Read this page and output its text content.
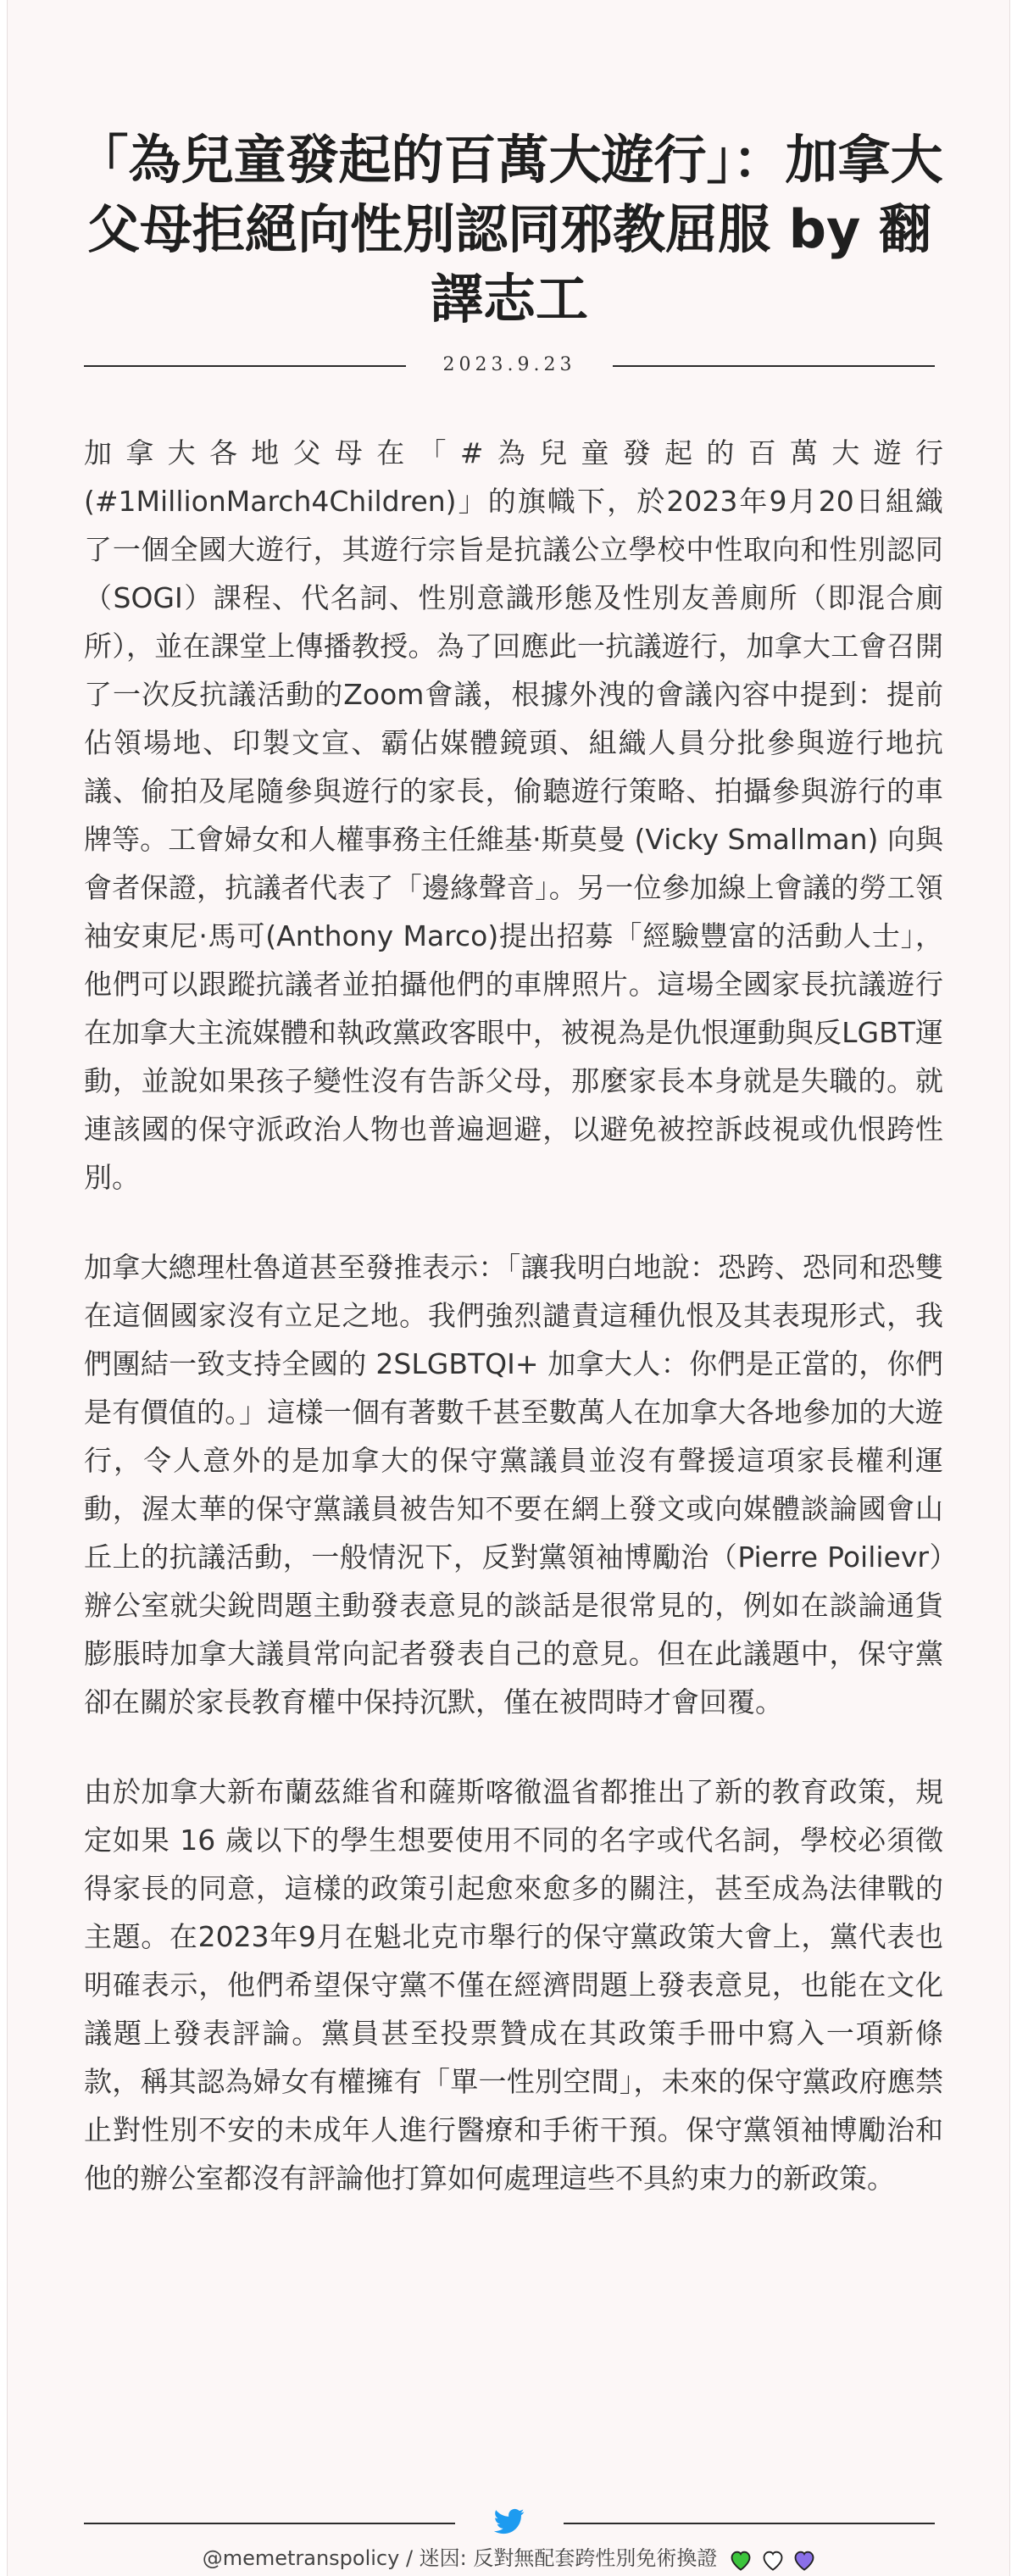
「為兒童發起的百萬大遊行」：加拿大父母拒絕向性別認同邪教屈服 by 翻譯志工
2023.9.23

加拿大各地父母在「#為兒童發起的百萬大遊行(#1MillionMarch4Children)」的旗幟下，於2023年9月20日組織了一個全國大遊行，其遊行宗旨是抗議公立學校中性取向和性別認同（SOGI）課程、代名詞、性別意識形態及性別友善廁所（即混合廁所），並在課堂上傳播教授。為了回應此一抗議遊行，加拿大工會召開了一次反抗議活動的Zoom會議，根據外洩的會議內容中提到：提前佔領場地、印製文宣、霸佔媒體鏡頭、組織人員分批參與遊行地抗議、偷拍及尾隨參與遊行的家長，偷聽遊行策略、拍攝參與游行的車牌等。工會婦女和人權事務主任維基·斯莫曼 (Vicky Smallman) 向與會者保證，抗議者代表了「邊緣聲音」。另一位參加線上會議的勞工領袖安東尼·馬可(Anthony Marco)提出招募「經驗豐富的活動人士」，他們可以跟蹤抗議者並拍攝他們的車牌照片。這場全國家長抗議遊行在加拿大主流媒體和執政黨政客眼中，被視為是仇恨運動與反LGBT運動，並說如果孩子變性沒有告訴父母，那麼家長本身就是失職的。就連該國的保守派政治人物也普遍迴避，以避免被控訴歧視或仇恨跨性別。

加拿大總理杜魯道甚至發推表示：「讓我明白地說：恐跨、恐同和恐雙在這個國家沒有立足之地。我們強烈譴責這種仇恨及其表現形式，我們團結一致支持全國的 2SLGBTQI+ 加拿大人：你們是正當的，你們是有價值的。」這樣一個有著數千甚至數萬人在加拿大各地參加的大遊行，令人意外的是加拿大的保守黨議員並沒有聲援這項家長權利運動，渥太華的保守黨議員被告知不要在網上發文或向媒體談論國會山丘上的抗議活動，一般情況下，反對黨領袖博勵治（Pierre Poilievr）辦公室就尖銳問題主動發表意見的談話是很常見的，例如在談論通貨膨脹時加拿大議員常向記者發表自己的意見。但在此議題中，保守黨卻在關於家長教育權中保持沉默，僅在被問時才會回覆。

由於加拿大新布蘭茲維省和薩斯喀徹溫省都推出了新的教育政策，規定如果 16 歲以下的學生想要使用不同的名字或代名詞，學校必須徵得家長的同意，這樣的政策引起愈來愈多的關注，甚至成為法律戰的主題。在2023年9月在魁北克市舉行的保守黨政策大會上，黨代表也明確表示，他們希望保守黨不僅在經濟問題上發表意見，也能在文化議題上發表評論。黨員甚至投票贊成在其政策手冊中寫入一項新條款，稱其認為婦女有權擁有「單一性別空間」，未來的保守黨政府應禁止對性別不安的未成年人進行醫療和手術干預。保守黨領袖博勵治和他的辦公室都沒有評論他打算如何處理這些不具約束力的新政策。

@memetranspolicy / 迷因: 反對無配套跨性別免術換證
